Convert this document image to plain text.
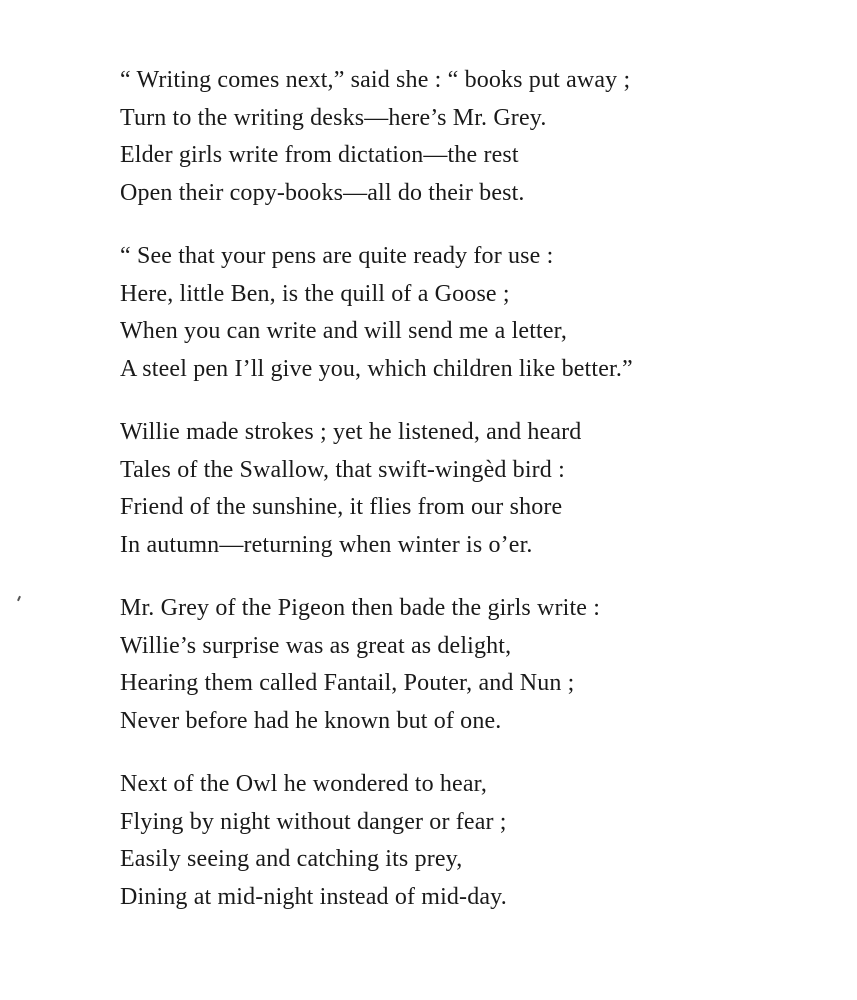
“ Writing comes next,” said she : “ books put away ;
Turn to the writing desks—here’s Mr. Grey.
Elder girls write from dictation—the rest
Open their copy-books—all do their best.
“ See that your pens are quite ready for use :
Here, little Ben, is the quill of a Goose ;
When you can write and will send me a letter,
A steel pen I’ll give you, which children like better.”
Willie made strokes ; yet he listened, and heard
Tales of the Swallow, that swift-wingèd bird :
Friend of the sunshine, it flies from our shore
In autumn—returning when winter is o’er.
Mr. Grey of the Pigeon then bade the girls write :
Willie’s surprise was as great as delight,
Hearing them called Fantail, Pouter, and Nun ;
Never before had he known but of one.
Next of the Owl he wondered to hear,
Flying by night without danger or fear ;
Easily seeing and catching its prey,
Dining at mid-night instead of mid-day.
